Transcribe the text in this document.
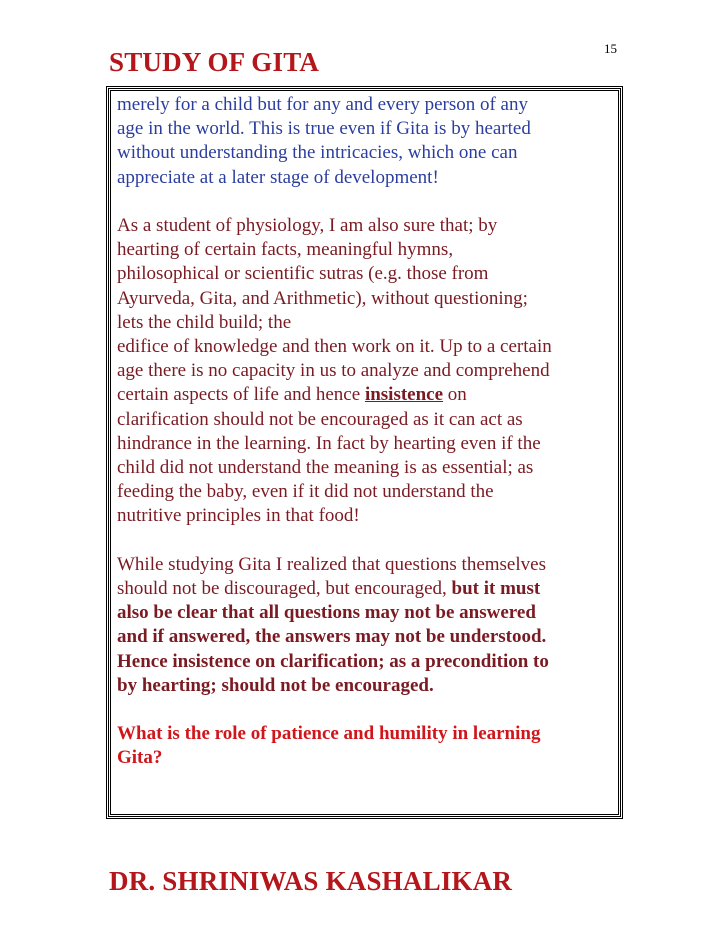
15
STUDY OF GITA
merely for a child but for any and every person of any
age in the world. This is true even if Gita is by hearted
without understanding the intricacies, which one can
appreciate at a later stage of development!
As a student of physiology, I am also sure that; by
hearting of certain facts, meaningful hymns,
philosophical or scientific sutras (e.g. those from
Ayurveda, Gita, and Arithmetic), without questioning;
lets the child build; the
edifice of knowledge and then work on it. Up to a certain
age there is no capacity in us to analyze and comprehend
certain aspects of life and hence insistence on
clarification should not be encouraged as it can act as
hindrance in the learning. In fact by hearting even if the
child did not understand the meaning is as essential; as
feeding the baby, even if it did not understand the
nutritive principles in that food!
While studying Gita I realized that questions themselves
should not be discouraged, but encouraged, but it must
also be clear that all questions may not be answered
and if answered, the answers may not be understood.
Hence insistence on clarification; as a precondition to
by hearting; should not be encouraged.
What is the role of patience and humility in learning
Gita?
DR. SHRINIWAS KASHALIKAR
